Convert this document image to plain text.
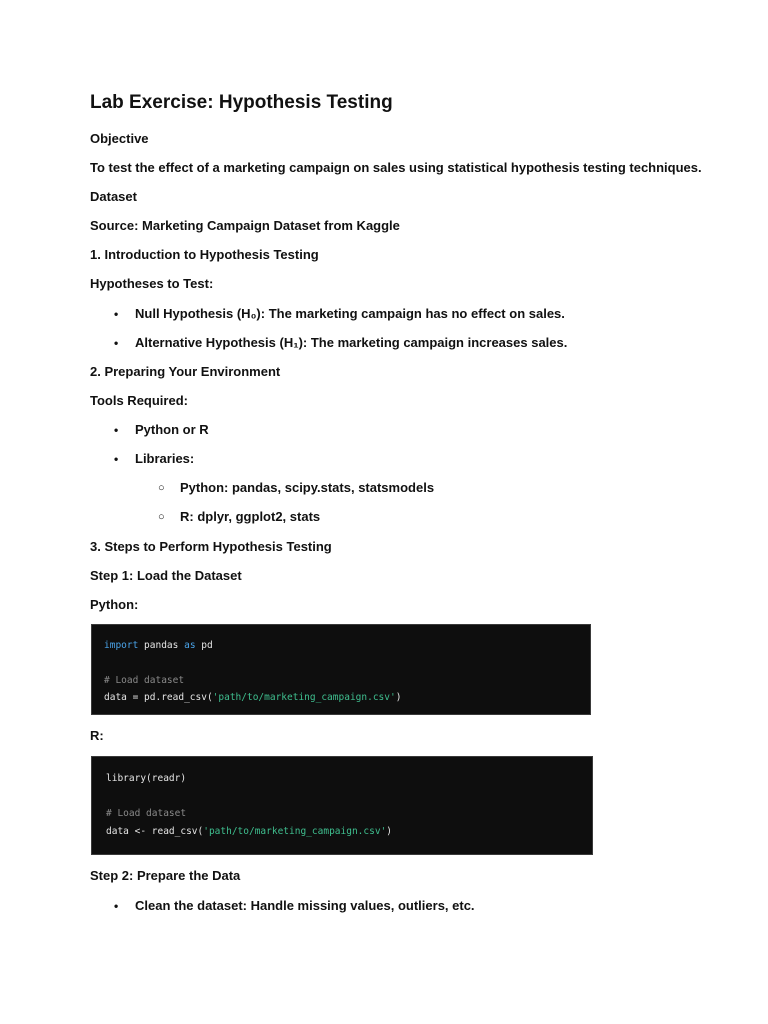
Lab Exercise: Hypothesis Testing
Objective
To test the effect of a marketing campaign on sales using statistical hypothesis testing techniques.
Dataset
Source: Marketing Campaign Dataset from Kaggle
1. Introduction to Hypothesis Testing
Hypotheses to Test:
•	Null Hypothesis (H₀): The marketing campaign has no effect on sales.
•	Alternative Hypothesis (H₁): The marketing campaign increases sales.
2. Preparing Your Environment
Tools Required:
•	Python or R
•	Libraries:
○	Python: pandas, scipy.stats, statsmodels
○	R: dplyr, ggplot2, stats
3. Steps to Perform Hypothesis Testing
Step 1: Load the Dataset
Python:
import pandas as pd
# Load dataset
data = pd.read_csv('path/to/marketing_campaign.csv')
R:
library(readr)
# Load dataset
data <- read_csv('path/to/marketing_campaign.csv')
Step 2: Prepare the Data
•	Clean the dataset: Handle missing values, outliers, etc.
